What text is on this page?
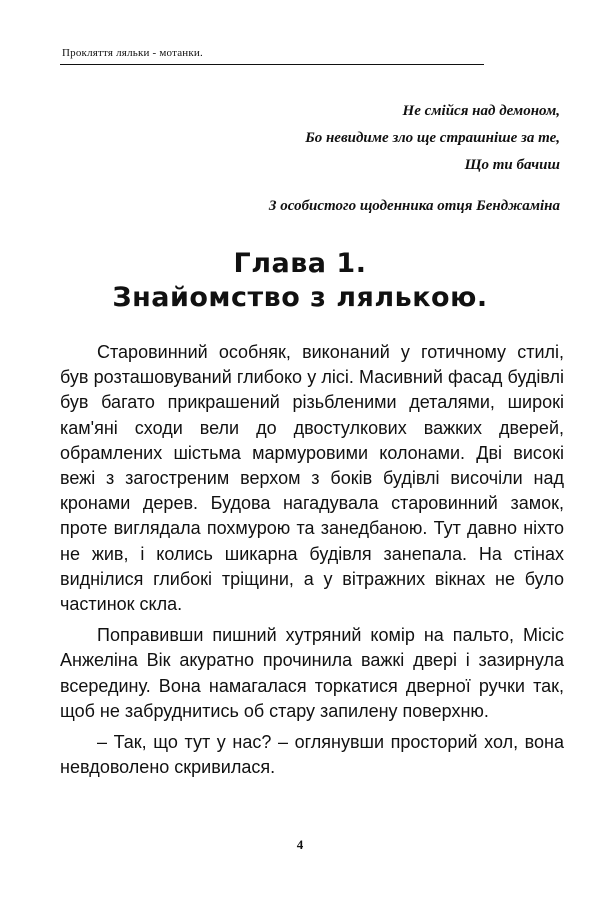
Прокляття ляльки - мотанки.
Не смійся над демоном,
Бо невидиме зло ще страшніше за те,
Що ти бачиш
З особистого щоденника отця Бенджаміна
Глава 1.
Знайомство з лялькою.

Старовинний особняк, виконаний у готичному стилі, був розташовуваний глибоко у лісі. Масивний фасад будівлі був багато прикрашений різьбленими деталями, широкі кам'яні сходи вели до двостулкових важких дверей, обрамлених шістьма мармуровими колонами. Дві високі вежі з загостреним верхом з боків будівлі височіли над кронами дерев. Будова нагадувала старовинний замок, проте виглядала похмурою та занедбаною. Тут давно ніхто не жив, і колись шикарна будівля занепала. На стінах виднілися глибокі тріщини, а у вітражних вікнах не було частинок скла.

Поправивши пишний хутряний комір на пальто, Місіс Анжеліна Вік акуратно прочинила важкі двері і зазирнула всередину. Вона намагалася торкатися дверної ручки так, щоб не забруднитись об стару запилену поверхню.

– Так, що тут у нас? – оглянувши просторий хол, вона невдоволено скривилася.

4
